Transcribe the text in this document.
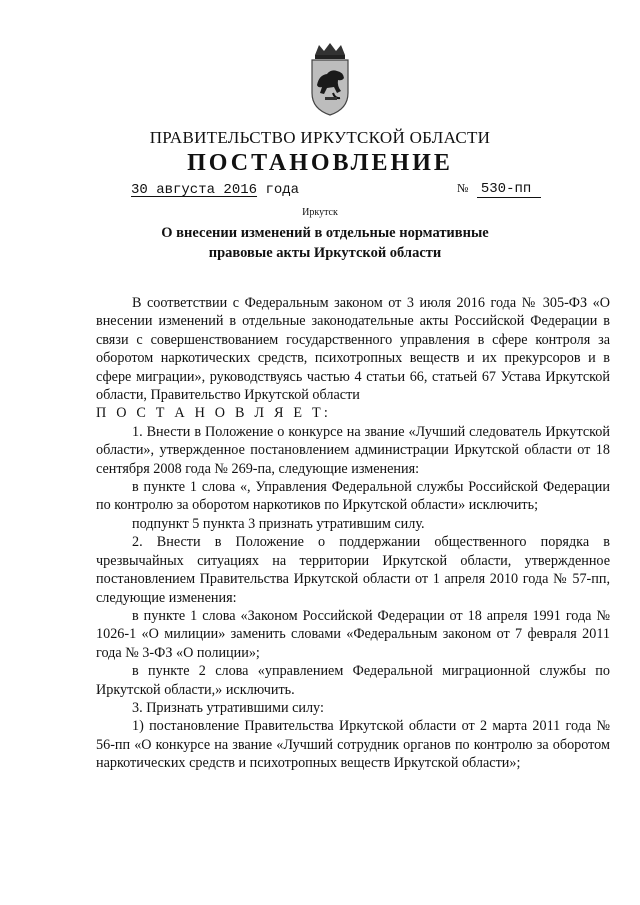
ПРАВИТЕЛЬСТВО ИРКУТСКОЙ ОБЛАСТИ
ПОСТАНОВЛЕНИЕ
30 августа 2016 года	№ 530-пп
Иркутск
О внесении изменений в отдельные нормативные правовые акты Иркутской области

В соответствии с Федеральным законом от 3 июля 2016 года № 305-ФЗ «О внесении изменений в отдельные законодательные акты Российской Федерации в связи с совершенствованием государственного управления в сфере контроля за оборотом наркотических средств, психотропных веществ и их прекурсоров и в сфере миграции», руководствуясь частью 4 статьи 66, статьей 67 Устава Иркутской области, Правительство Иркутской области

П О С Т А Н О В Л Я Е Т:

1. Внести в Положение о конкурсе на звание «Лучший следователь Иркутской области», утвержденное постановлением администрации Иркутской области от 18 сентября 2008 года № 269-па, следующие изменения:

в пункте 1 слова «, Управления Федеральной службы Российской Федерации по контролю за оборотом наркотиков по Иркутской области» исключить;

подпункт 5 пункта 3 признать утратившим силу.

2. Внести в Положение о поддержании общественного порядка в чрезвычайных ситуациях на территории Иркутской области, утвержденное постановлением Правительства Иркутской области от 1 апреля 2010 года № 57-пп, следующие изменения:

в пункте 1 слова «Законом Российской Федерации от 18 апреля 1991 года № 1026-1 «О милиции» заменить словами «Федеральным законом от 7 февраля 2011 года № 3-ФЗ «О полиции»;

в пункте 2 слова «управлением Федеральной миграционной службы по Иркутской области,» исключить.

3. Признать утратившими силу:

1) постановление Правительства Иркутской области от 2 марта 2011 года № 56-пп «О конкурсе на звание «Лучший сотрудник органов по контролю за оборотом наркотических средств и психотропных веществ Иркутской области»;
